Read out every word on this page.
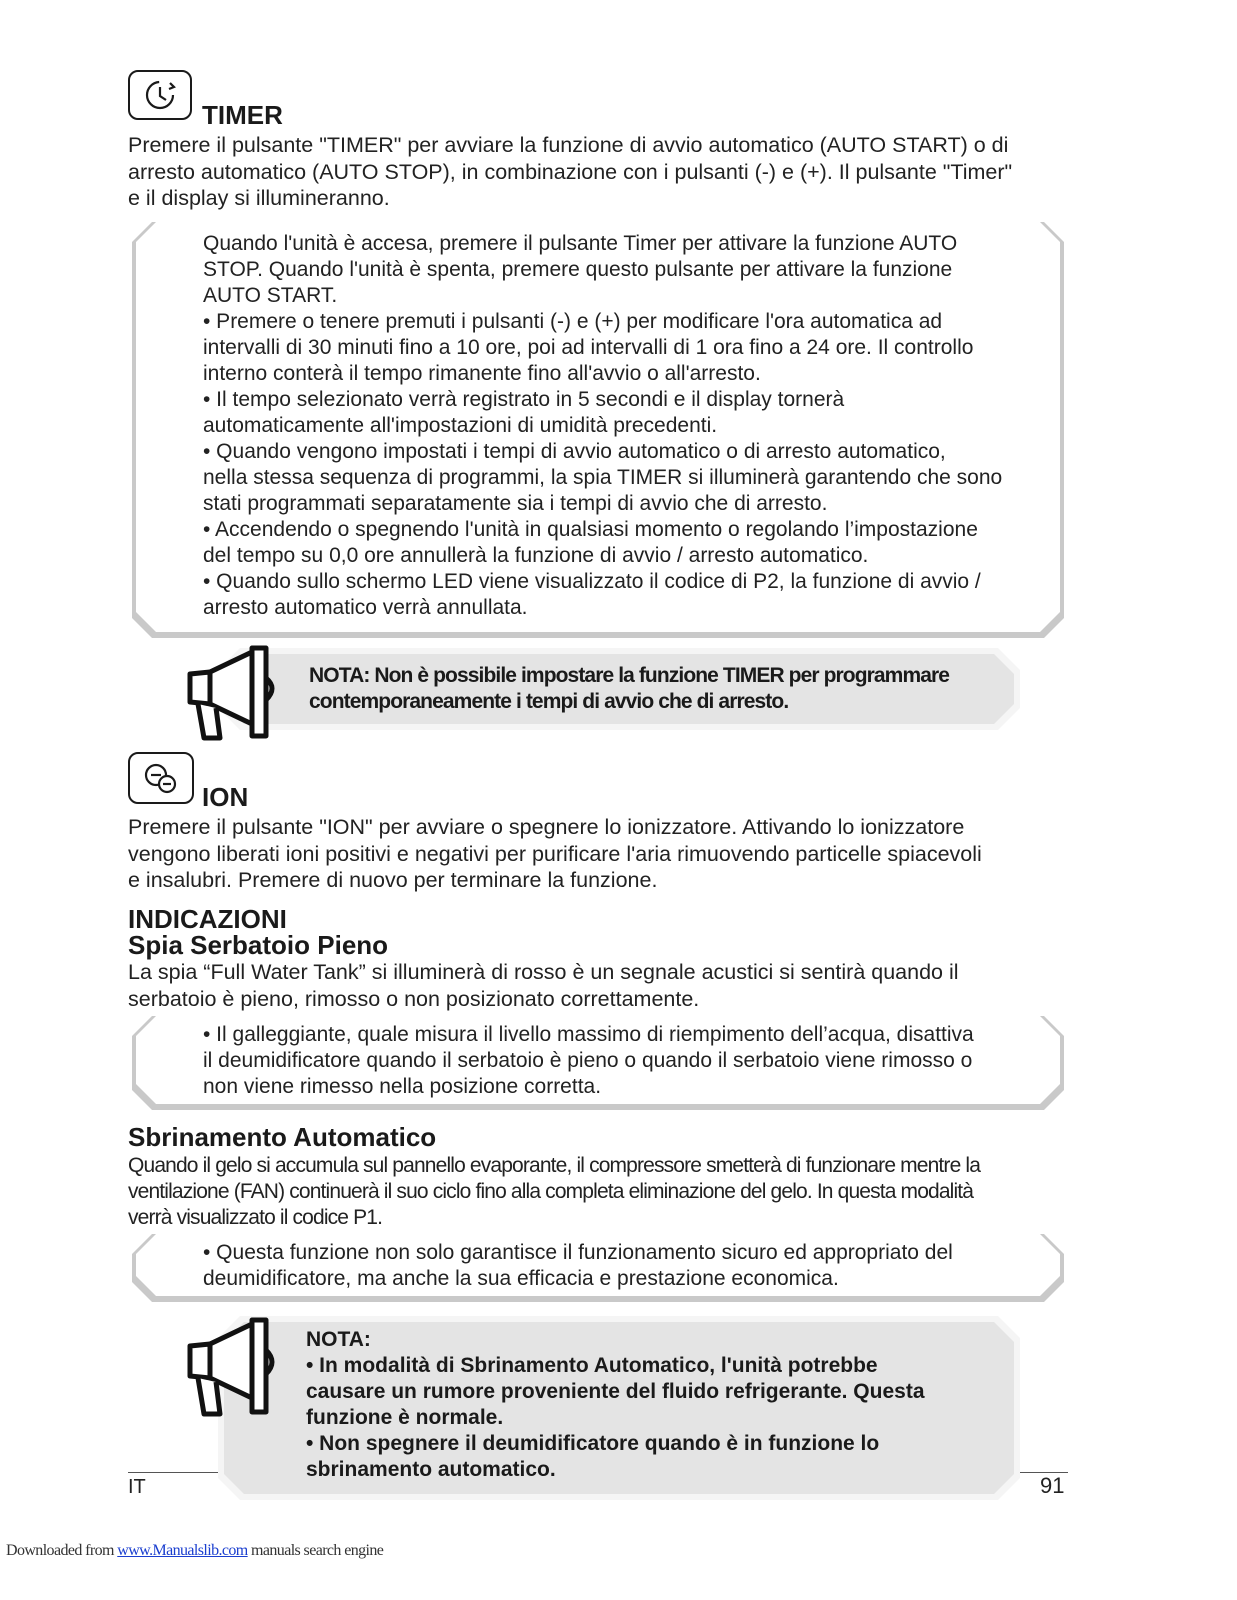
TIMER
Premere il pulsante "TIMER" per avviare la funzione di avvio automatico (AUTO START) o di
arresto automatico (AUTO STOP), in combinazione con i pulsanti (-) e (+). Il pulsante "Timer"
e il display si illumineranno.

Quando l'unità è accesa, premere il pulsante Timer per attivare la funzione AUTO

STOP. Quando l'unità è spenta, premere questo pulsante per attivare la funzione

AUTO START.

• Premere o tenere premuti i pulsanti (-) e (+) per modificare l'ora automatica ad

intervalli di 30 minuti fino a 10 ore, poi ad intervalli di 1 ora fino a 24 ore. Il controllo

interno conterà il tempo rimanente fino all'avvio o all'arresto.

• Il tempo selezionato verrà registrato in 5 secondi e il display tornerà

automaticamente all'impostazioni di umidità precedenti.

• Quando vengono impostati i tempi di avvio automatico o di arresto automatico,

nella stessa sequenza di programmi, la spia TIMER si illuminerà garantendo che sono

stati programmati separatamente sia i tempi di avvio che di arresto.

• Accendendo o spegnendo l'unità in qualsiasi momento o regolando l’impostazione

del tempo su 0,0 ore annullerà la funzione di avvio / arresto automatico.

• Quando sullo schermo LED viene visualizzato il codice di P2, la funzione di avvio /

arresto automatico verrà annullata.

NOTA: Non è possibile impostare la funzione TIMER per programmare

contemporaneamente i tempi di avvio che di arresto.

ION
Premere il pulsante "ION" per avviare o spegnere lo ionizzatore. Attivando lo ionizzatore
vengono liberati ioni positivi e negativi per purificare l'aria rimuovendo particelle spiacevoli
e insalubri. Premere di nuovo per terminare la funzione.
INDICAZIONI
Spia Serbatoio Pieno
La spia “Full Water Tank” si illuminerà di rosso è un segnale acustici si sentirà quando il
serbatoio è pieno, rimosso o non posizionato correttamente.

• Il galleggiante, quale misura il livello massimo di riempimento dell’acqua, disattiva

il deumidificatore quando il serbatoio è pieno o quando il serbatoio viene rimosso o

non viene rimesso nella posizione corretta.

Sbrinamento Automatico
Quando il gelo si accumula sul pannello evaporante, il compressore smetterà di funzionare mentre la
ventilazione (FAN) continuerà il suo ciclo fino alla completa eliminazione del gelo. In questa modalità
verrà visualizzato il codice P1.

• Questa funzione non solo garantisce il funzionamento sicuro ed appropriato del

deumidificatore, ma anche la sua efficacia e prestazione economica.

IT	91

NOTA:

• In modalità di Sbrinamento Automatico, l'unità potrebbe

causare un rumore proveniente del fluido refrigerante. Questa

funzione è normale.

• Non spegnere il deumidificatore quando è in funzione lo

sbrinamento automatico.

Downloaded from www.Manualslib.com manuals search engine
